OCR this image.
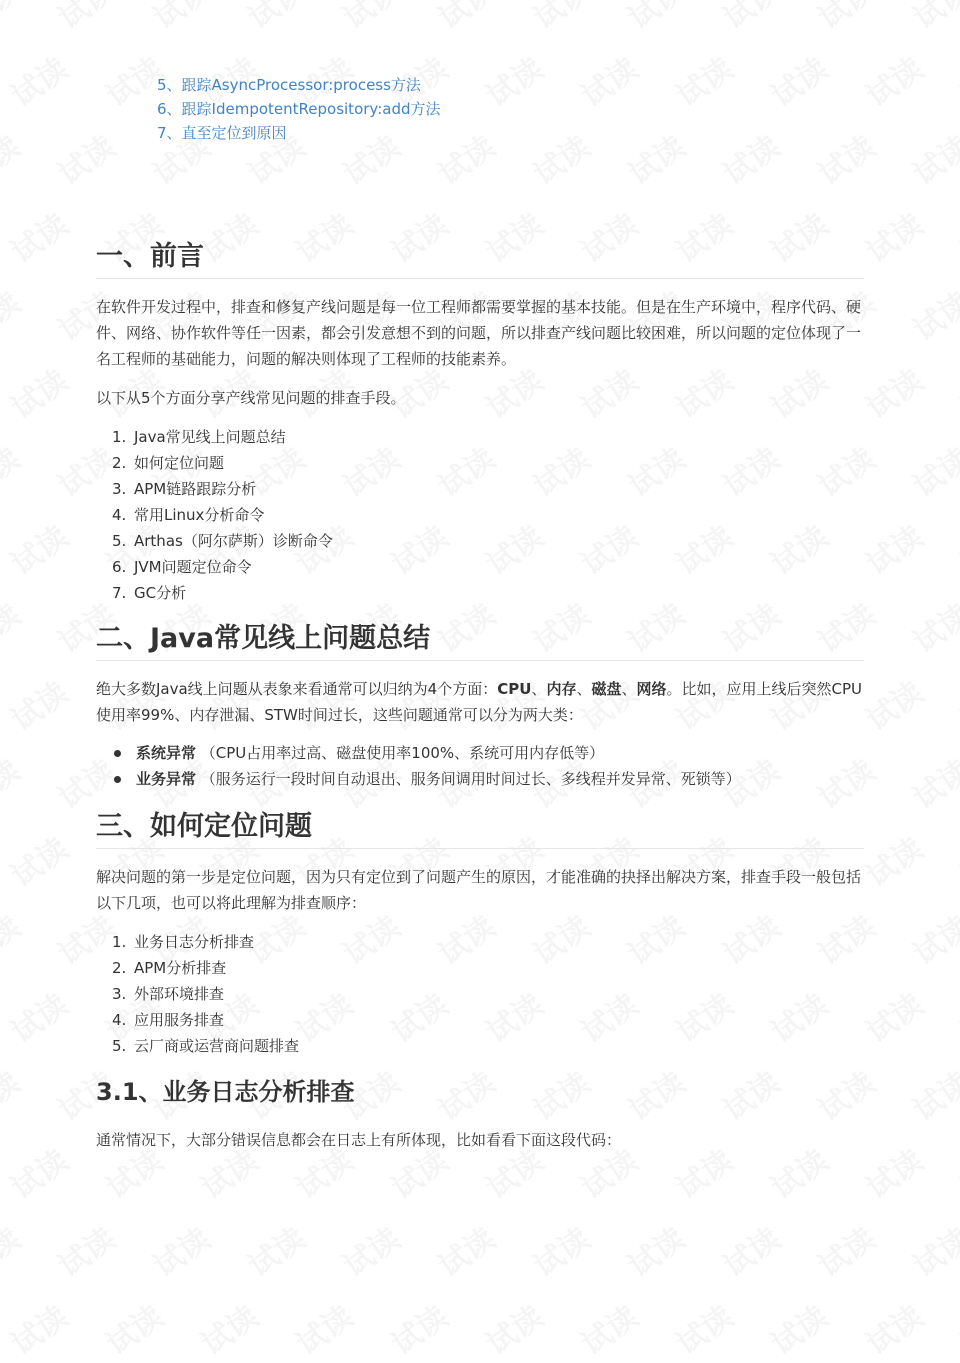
5、跟踪AsyncProcessor:process方法
6、跟踪IdempotentRepository:add方法
7、直至定位到原因
一、前言

在软件开发过程中，排查和修复产线问题是每一位工程师都需要掌握的基本技能。但是在生产环境中，程序代码、硬件、网络、协作软件等任一因素，都会引发意想不到的问题，所以排查产线问题比较困难，所以问题的定位体现了一名工程师的基础能力，问题的解决则体现了工程师的技能素养。

以下从5个方面分享产线常见问题的排查手段。

1. Java常见线上问题总结
2. 如何定位问题
3. APM链路跟踪分析
4. 常用Linux分析命令
5. Arthas（阿尔萨斯）诊断命令
6. JVM问题定位命令
7. GC分析
二、Java常见线上问题总结

绝大多数Java线上问题从表象来看通常可以归纳为4个方面：CPU、内存、磁盘、网络。比如，应用上线后突然CPU使用率99%、内存泄漏、STW时间过长，这些问题通常可以分为两大类：

系统异常 （CPU占用率过高、磁盘使用率100%、系统可用内存低等）
业务异常 （服务运行一段时间自动退出、服务间调用时间过长、多线程并发异常、死锁等）
三、如何定位问题

解决问题的第一步是定位问题，因为只有定位到了问题产生的原因，才能准确的抉择出解决方案，排查手段一般包括以下几项，也可以将此理解为排查顺序：

1. 业务日志分析排查
2. APM分析排查
3. 外部环境排查
4. 应用服务排查
5. 云厂商或运营商问题排查
3.1、业务日志分析排查

通常情况下，大部分错误信息都会在日志上有所体现，比如看看下面这段代码：
